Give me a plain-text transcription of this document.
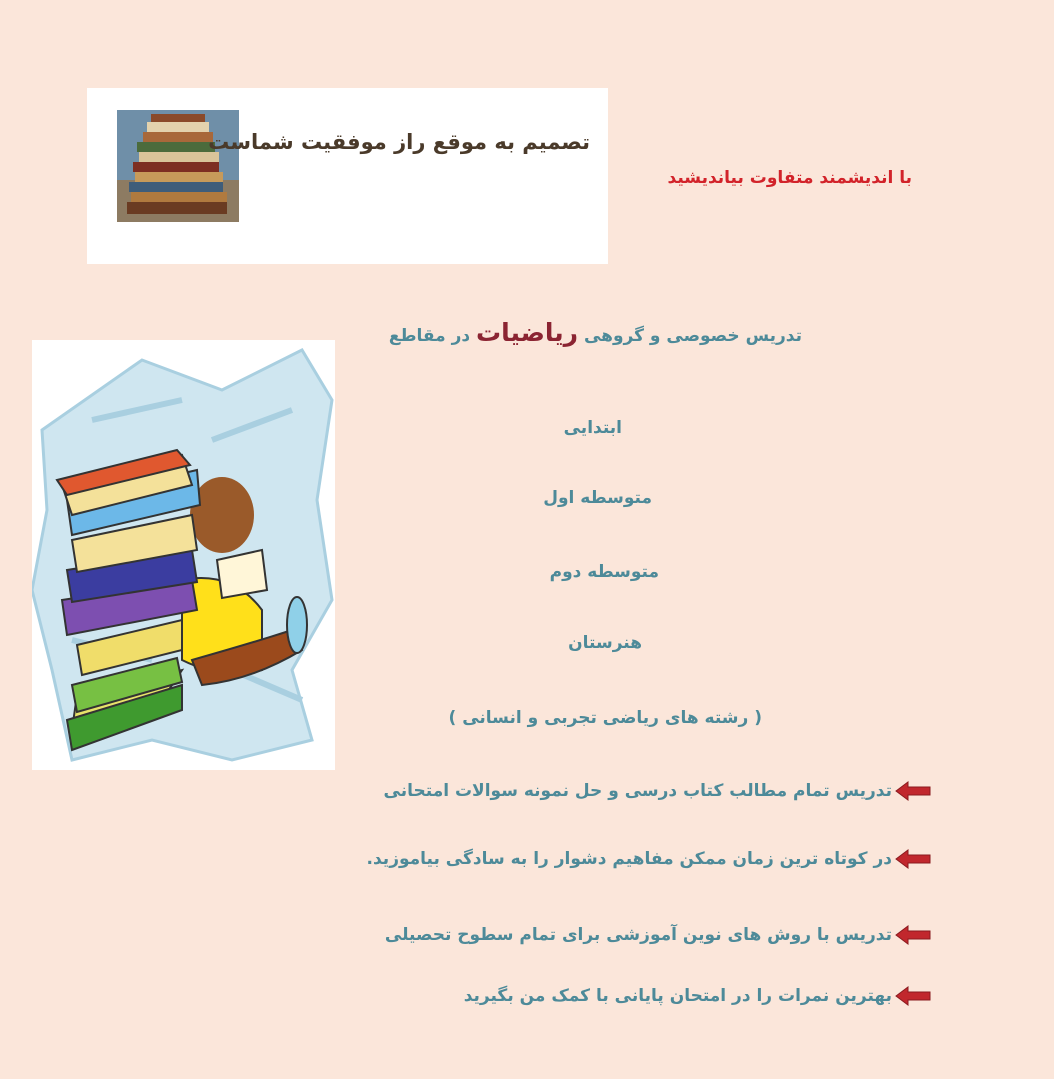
تصمیم به موقع راز موفقیت شماست
با اندیشمند متفاوت بیاندیشید
تدریس خصوصی و گروهی ریاضیات در مقاطع
ابتدایی
متوسطه اول
متوسطه دوم
هنرستان
( رشته های ریاضی تجربی و انسانی )
تدریس تمام مطالب کتاب درسی و حل نمونه سوالات امتحانی
در کوتاه ترین زمان ممکن مفاهیم دشوار را به سادگی بیاموزید.
تدریس با روش های نوین آموزشی برای تمام سطوح تحصیلی
بهترین نمرات را در امتحان پایانی با کمک من بگیرید
